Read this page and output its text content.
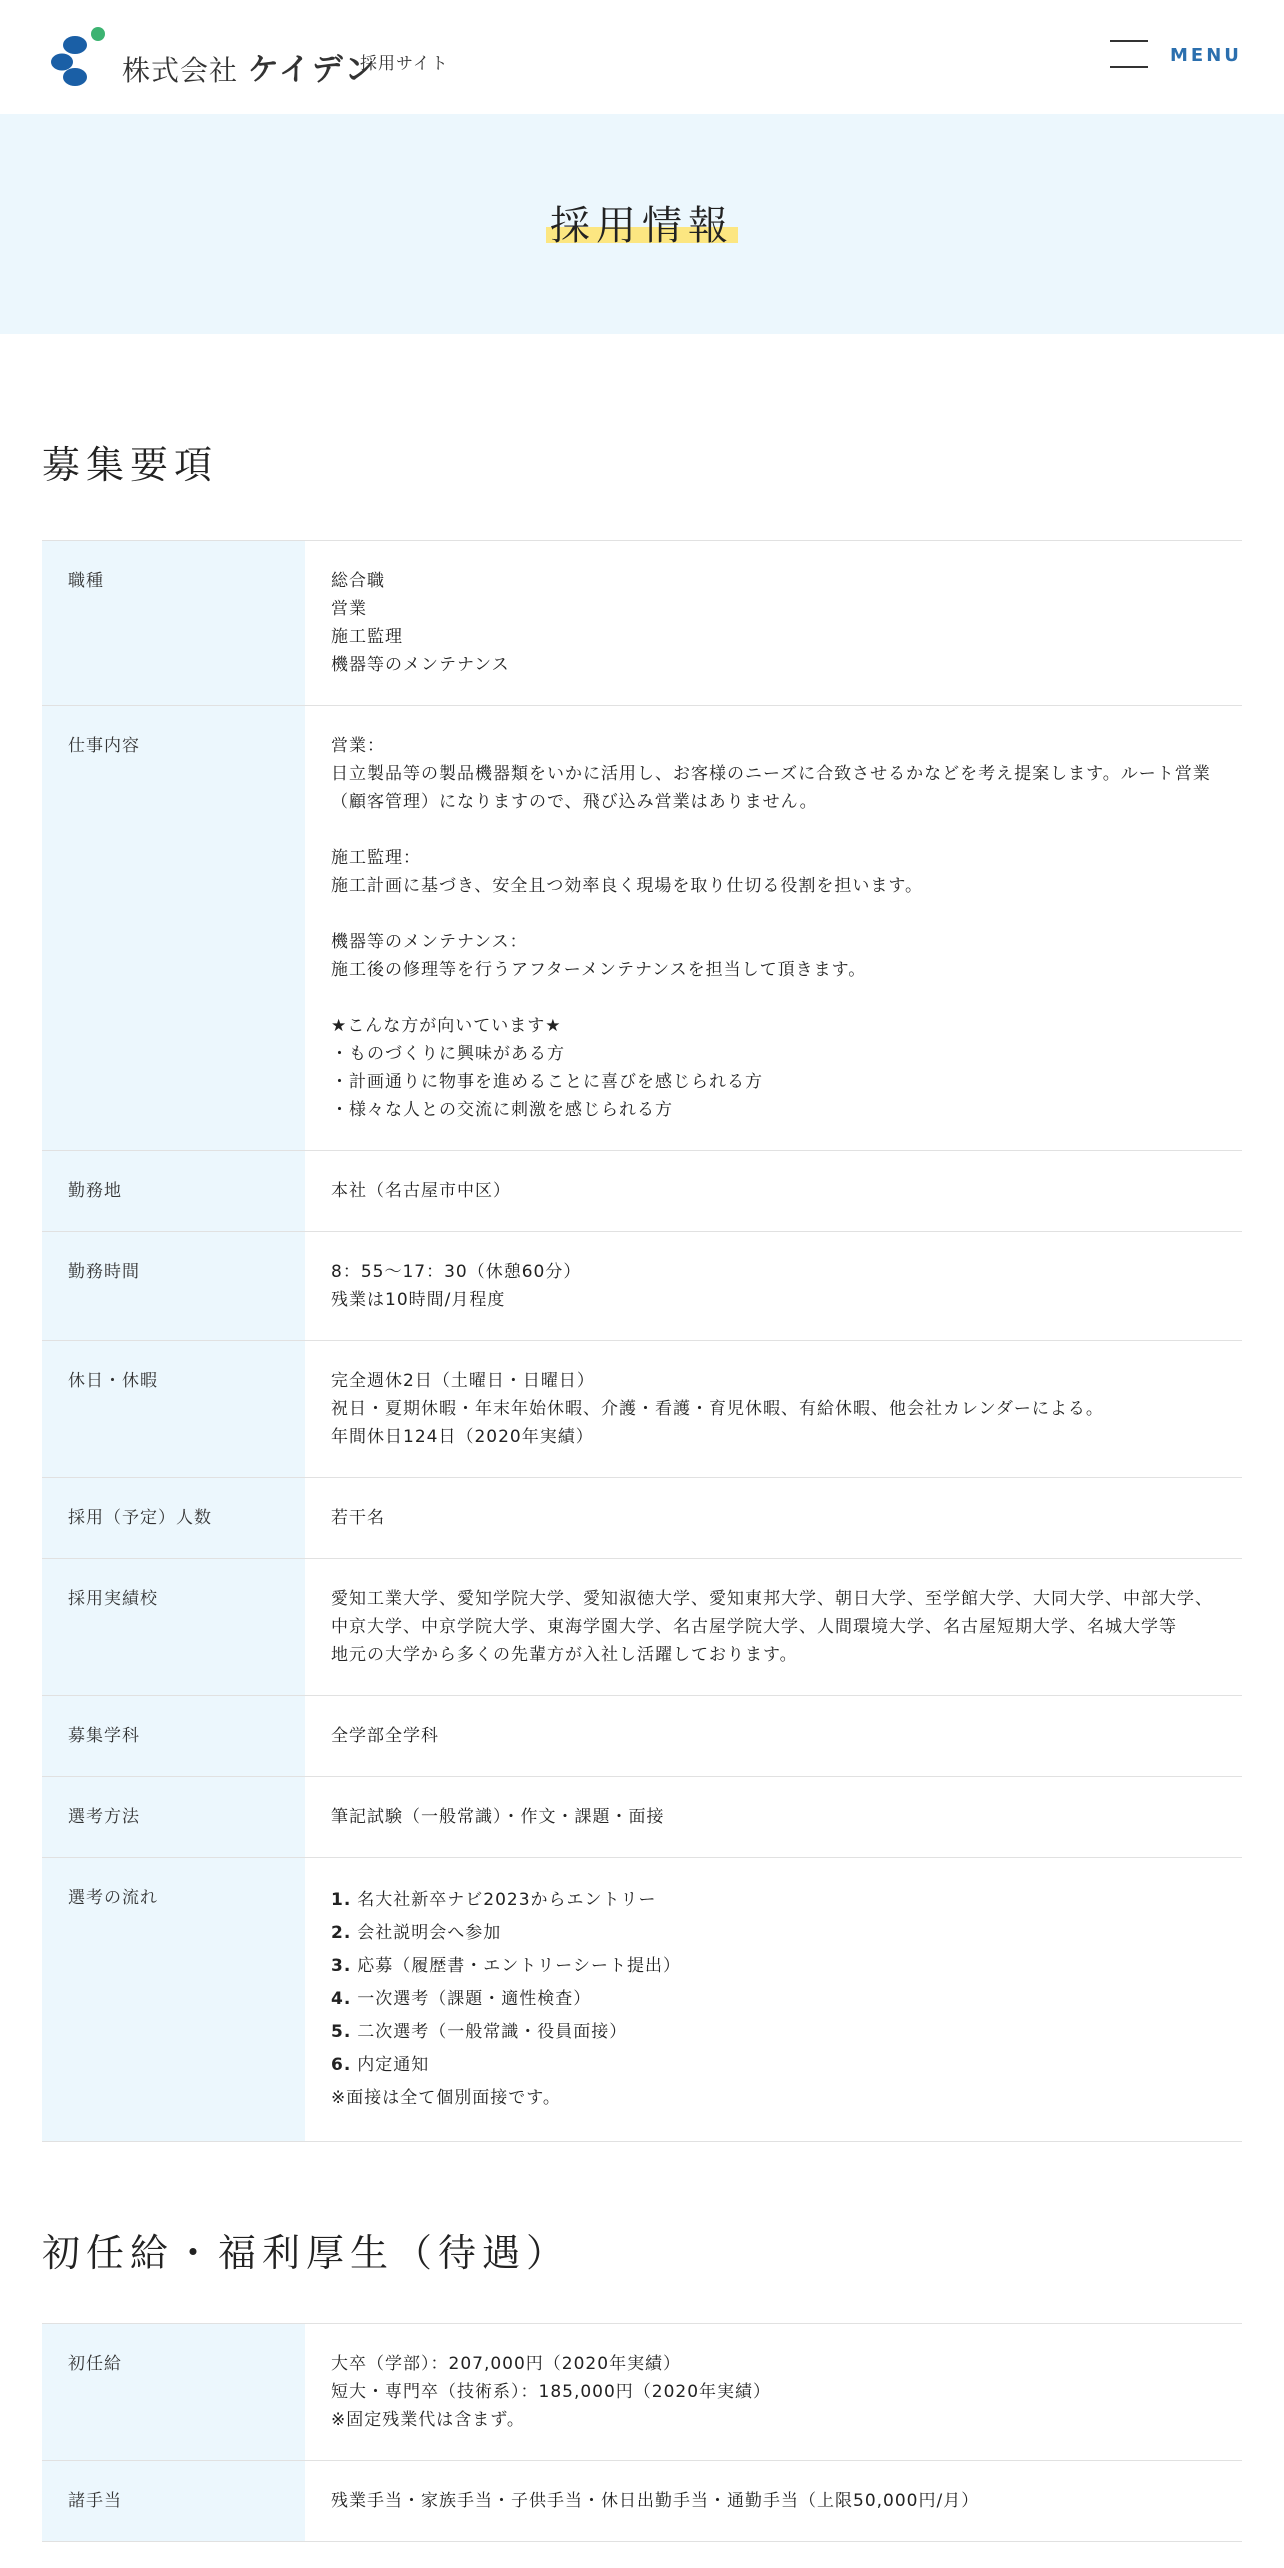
株式会社 ケイデン
採用サイト	MENU
採用情報
募集要項
職種	総合職
営業
施工監理
機器等のメンテナンス
仕事内容	営業：
日立製品等の製品機器類をいかに活用し、お客様のニーズに合致させるかなどを考え提案します。ルート営業（顧客管理）になりますので、飛び込み営業はありません。
施工監理：
施工計画に基づき、安全且つ効率良く現場を取り仕切る役割を担います。
機器等のメンテナンス：
施工後の修理等を行うアフターメンテナンスを担当して頂きます。
★こんな方が向いています★
・ものづくりに興味がある方
・計画通りに物事を進めることに喜びを感じられる方
・様々な人との交流に刺激を感じられる方
勤務地	本社（名古屋市中区）
勤務時間	8：55〜17：30（休憩60分）
残業は10時間/月程度
休日・休暇	完全週休2日（土曜日・日曜日）
祝日・夏期休暇・年末年始休暇、介護・看護・育児休暇、有給休暇、他会社カレンダーによる。
年間休日124日（2020年実績）
採用（予定）人数	若干名
採用実績校	愛知工業大学、愛知学院大学、愛知淑徳大学、愛知東邦大学、朝日大学、至学館大学、大同大学、中部大学、中京大学、中京学院大学、東海学園大学、名古屋学院大学、人間環境大学、名古屋短期大学、名城大学等
地元の大学から多くの先輩方が入社し活躍しております。
募集学科	全学部全学科
選考方法	筆記試験（一般常識）・作文・課題・面接
選考の流れ	1. 名大社新卒ナビ2023からエントリー
2. 会社説明会へ参加
3. 応募（履歴書・エントリーシート提出）
4. 一次選考（課題・適性検査）
5. 二次選考（一般常識・役員面接）
6. 内定通知
※面接は全て個別面接です。
初任給・福利厚生（待遇）
初任給	大卒（学部）：207,000円（2020年実績）
短大・専門卒（技術系）：185,000円（2020年実績）
※固定残業代は含まず。
諸手当	残業手当・家族手当・子供手当・休日出勤手当・通勤手当（上限50,000円/月）
